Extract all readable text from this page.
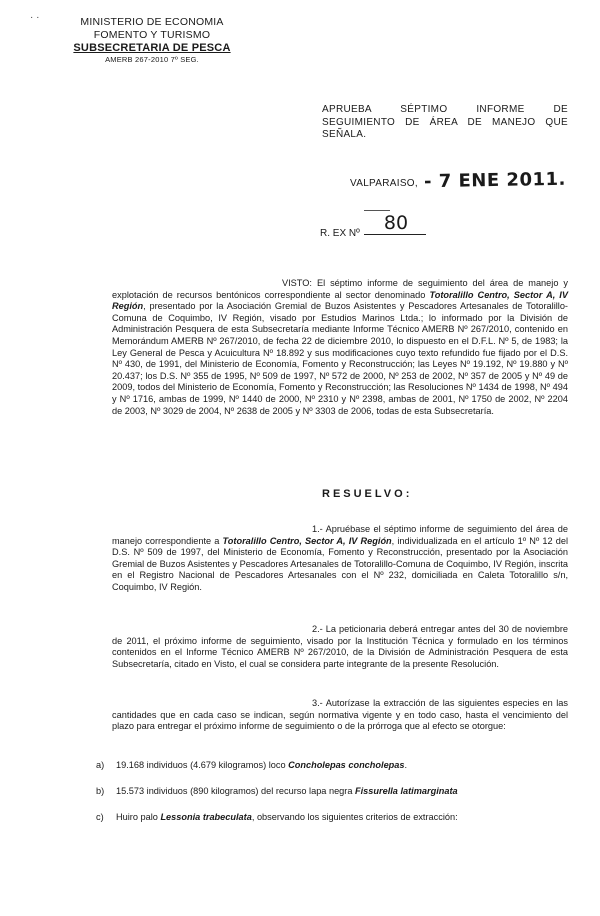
· ·	MINISTERIO DE ECONOMIA
FOMENTO Y TURISMO
SUBSECRETARIA DE PESCA
AMERB 267-2010 7º SEG.
APRUEBA SÉPTIMO INFORME DE
SEGUIMIENTO DE ÁREA DE MANEJO QUE
SEÑALA.
VALPARAISO, - 7 ENE 2011.
R. EX Nº	80
VISTO: El séptimo informe de seguimiento del área de manejo y explotación de recursos bentónicos correspondiente al sector denominado Totoralillo Centro, Sector A, IV Región, presentado por la Asociación Gremial de Buzos Asistentes y Pescadores Artesanales de Totoralillo-Comuna de Coquimbo, IV Región, visado por Estudios Marinos Ltda.; lo informado por la División de Administración Pesquera de esta Subsecretaría mediante Informe Técnico AMERB Nº 267/2010, contenido en Memorándum AMERB Nº 267/2010, de fecha 22 de diciembre 2010, lo dispuesto en el D.F.L. Nº 5, de 1983; la Ley General de Pesca y Acuicultura Nº 18.892 y sus modificaciones cuyo texto refundido fue fijado por el D.S. Nº 430, de 1991, del Ministerio de Economía, Fomento y Reconstrucción; las Leyes Nº 19.192, Nº 19.880 y Nº 20.437; los D.S. Nº 355 de 1995, Nº 509 de 1997, Nº 572 de 2000, Nº 253 de 2002, Nº 357 de 2005 y Nº 49 de 2009, todos del Ministerio de Economía, Fomento y Reconstrucción; las Resoluciones Nº 1434 de 1998, Nº 494 y Nº 1716, ambas de 1999, Nº 1440 de 2000, Nº 2310 y Nº 2398, ambas de 2001, Nº 1750 de 2002, Nº 2204 de 2003, Nº 3029 de 2004, Nº 2638 de 2005 y Nº 3303 de 2006, todas de esta Subsecretaría.
RESUELVO:
1.- Apruébase el séptimo informe de seguimiento del área de manejo correspondiente a Totoralillo Centro, Sector A, IV Región, individualizada en el artículo 1º Nº 12 del D.S. Nº 509 de 1997, del Ministerio de Economía, Fomento y Reconstrucción, presentado por la Asociación Gremial de Buzos Asistentes y Pescadores Artesanales de Totoralillo-Comuna de Coquimbo, IV Región, inscrita en el Registro Nacional de Pescadores Artesanales con el Nº 232, domiciliada en Caleta Totoralillo s/n, Coquimbo, IV Región.
2.- La peticionaria deberá entregar antes del 30 de noviembre de 2011, el próximo informe de seguimiento, visado por la Institución Técnica y formulado en los términos contenidos en el Informe Técnico AMERB Nº 267/2010, de la División de Administración Pesquera de esta Subsecretaría, citado en Visto, el cual se considera parte integrante de la presente Resolución.
3.- Autorízase la extracción de las siguientes especies en las cantidades que en cada caso se indican, según normativa vigente y en todo caso, hasta el vencimiento del plazo para entregar el próximo informe de seguimiento o de la prórroga que al efecto se otorgue:
a) 19.168 individuos (4.679 kilogramos) loco Concholepas concholepas.
b) 15.573 individuos (890 kilogramos) del recurso lapa negra Fissurella latimarginata
c) Huiro palo Lessonia trabeculata, observando los siguientes criterios de extracción:
